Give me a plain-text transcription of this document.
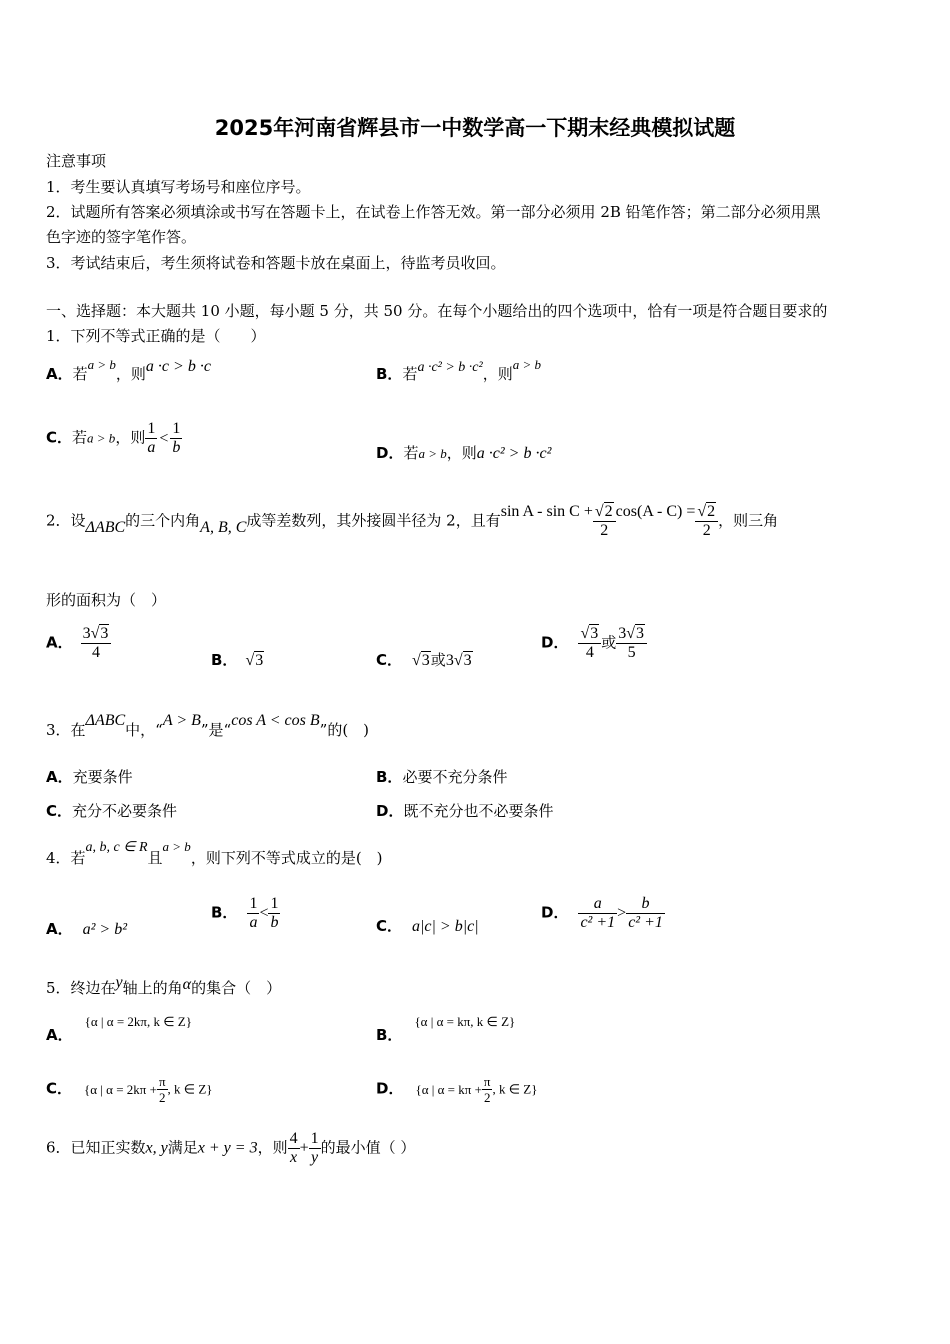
2025年河南省辉县市一中数学高一下期末经典模拟试题
注意事项
1．考生要认真填写考场号和座位序号。
2．试题所有答案必须填涂或书写在答题卡上，在试卷上作答无效。第一部分必须用 2B 铅笔作答；第二部分必须用黑
色字迹的签字笔作答。
3．考试结束后，考生须将试卷和答题卡放在桌面上，待监考员收回。
一、选择题：本大题共 10 小题，每小题 5 分，共 50 分。在每个小题给出的四个选项中，恰有一项是符合题目要求的
1．下列不等式正确的是（　　）
A．若a > b，则a ·c > b ·c	B．若a ·c² > b ·c²，则a > b
C．若a > b，则 $\frac{1}{a} < \frac{1}{b}$	D．若a > b，则a ·c² > b ·c²
2．设ΔABC的三个内角A, B, C成等差数列，其外接圆半径为 2，且有$\sin A - \sin C + \frac{√2}{2} \cos(A - C) = \frac{√2}{2}$ ，则三角
形的面积为（　）
A． $\frac{3√3}{4}$	B． √3	C． √3或3√3
D． $\frac{√3}{4}$ 或 $\frac{3√3}{5}$
3．在ΔABC中，“A > B”是“cos A < cos B”的(　)
A．充要条件	B．必要不充分条件
C．充分不必要条件	D．既不充分也不必要条件
4．若a, b, c ∈ R且a > b，则下列不等式成立的是(　)
A． a² > b²
B． $\frac{1}{a} < \frac{1}{b}$	C． a|c| > b|c|
D． $\frac{a}{\text{c² +1}} > \frac{b}{\text{c² +1}}$
5．终边在y轴上的角α的集合（　）
A．{α | α = 2kπ, k ∈ Z}
B．{α | α = kπ, k ∈ Z}
C． {α | $\alpha = 2k\pi + \frac{\pi}{2}$ , k ∈ Z}	D． {α | $\alpha = k\pi + \frac{\pi}{2}$ , k ∈ Z}
6．已知正实数x, y满足x + y = 3，则 $\frac{4}{x} + \frac{1}{y}$ 的最小值（ ）
